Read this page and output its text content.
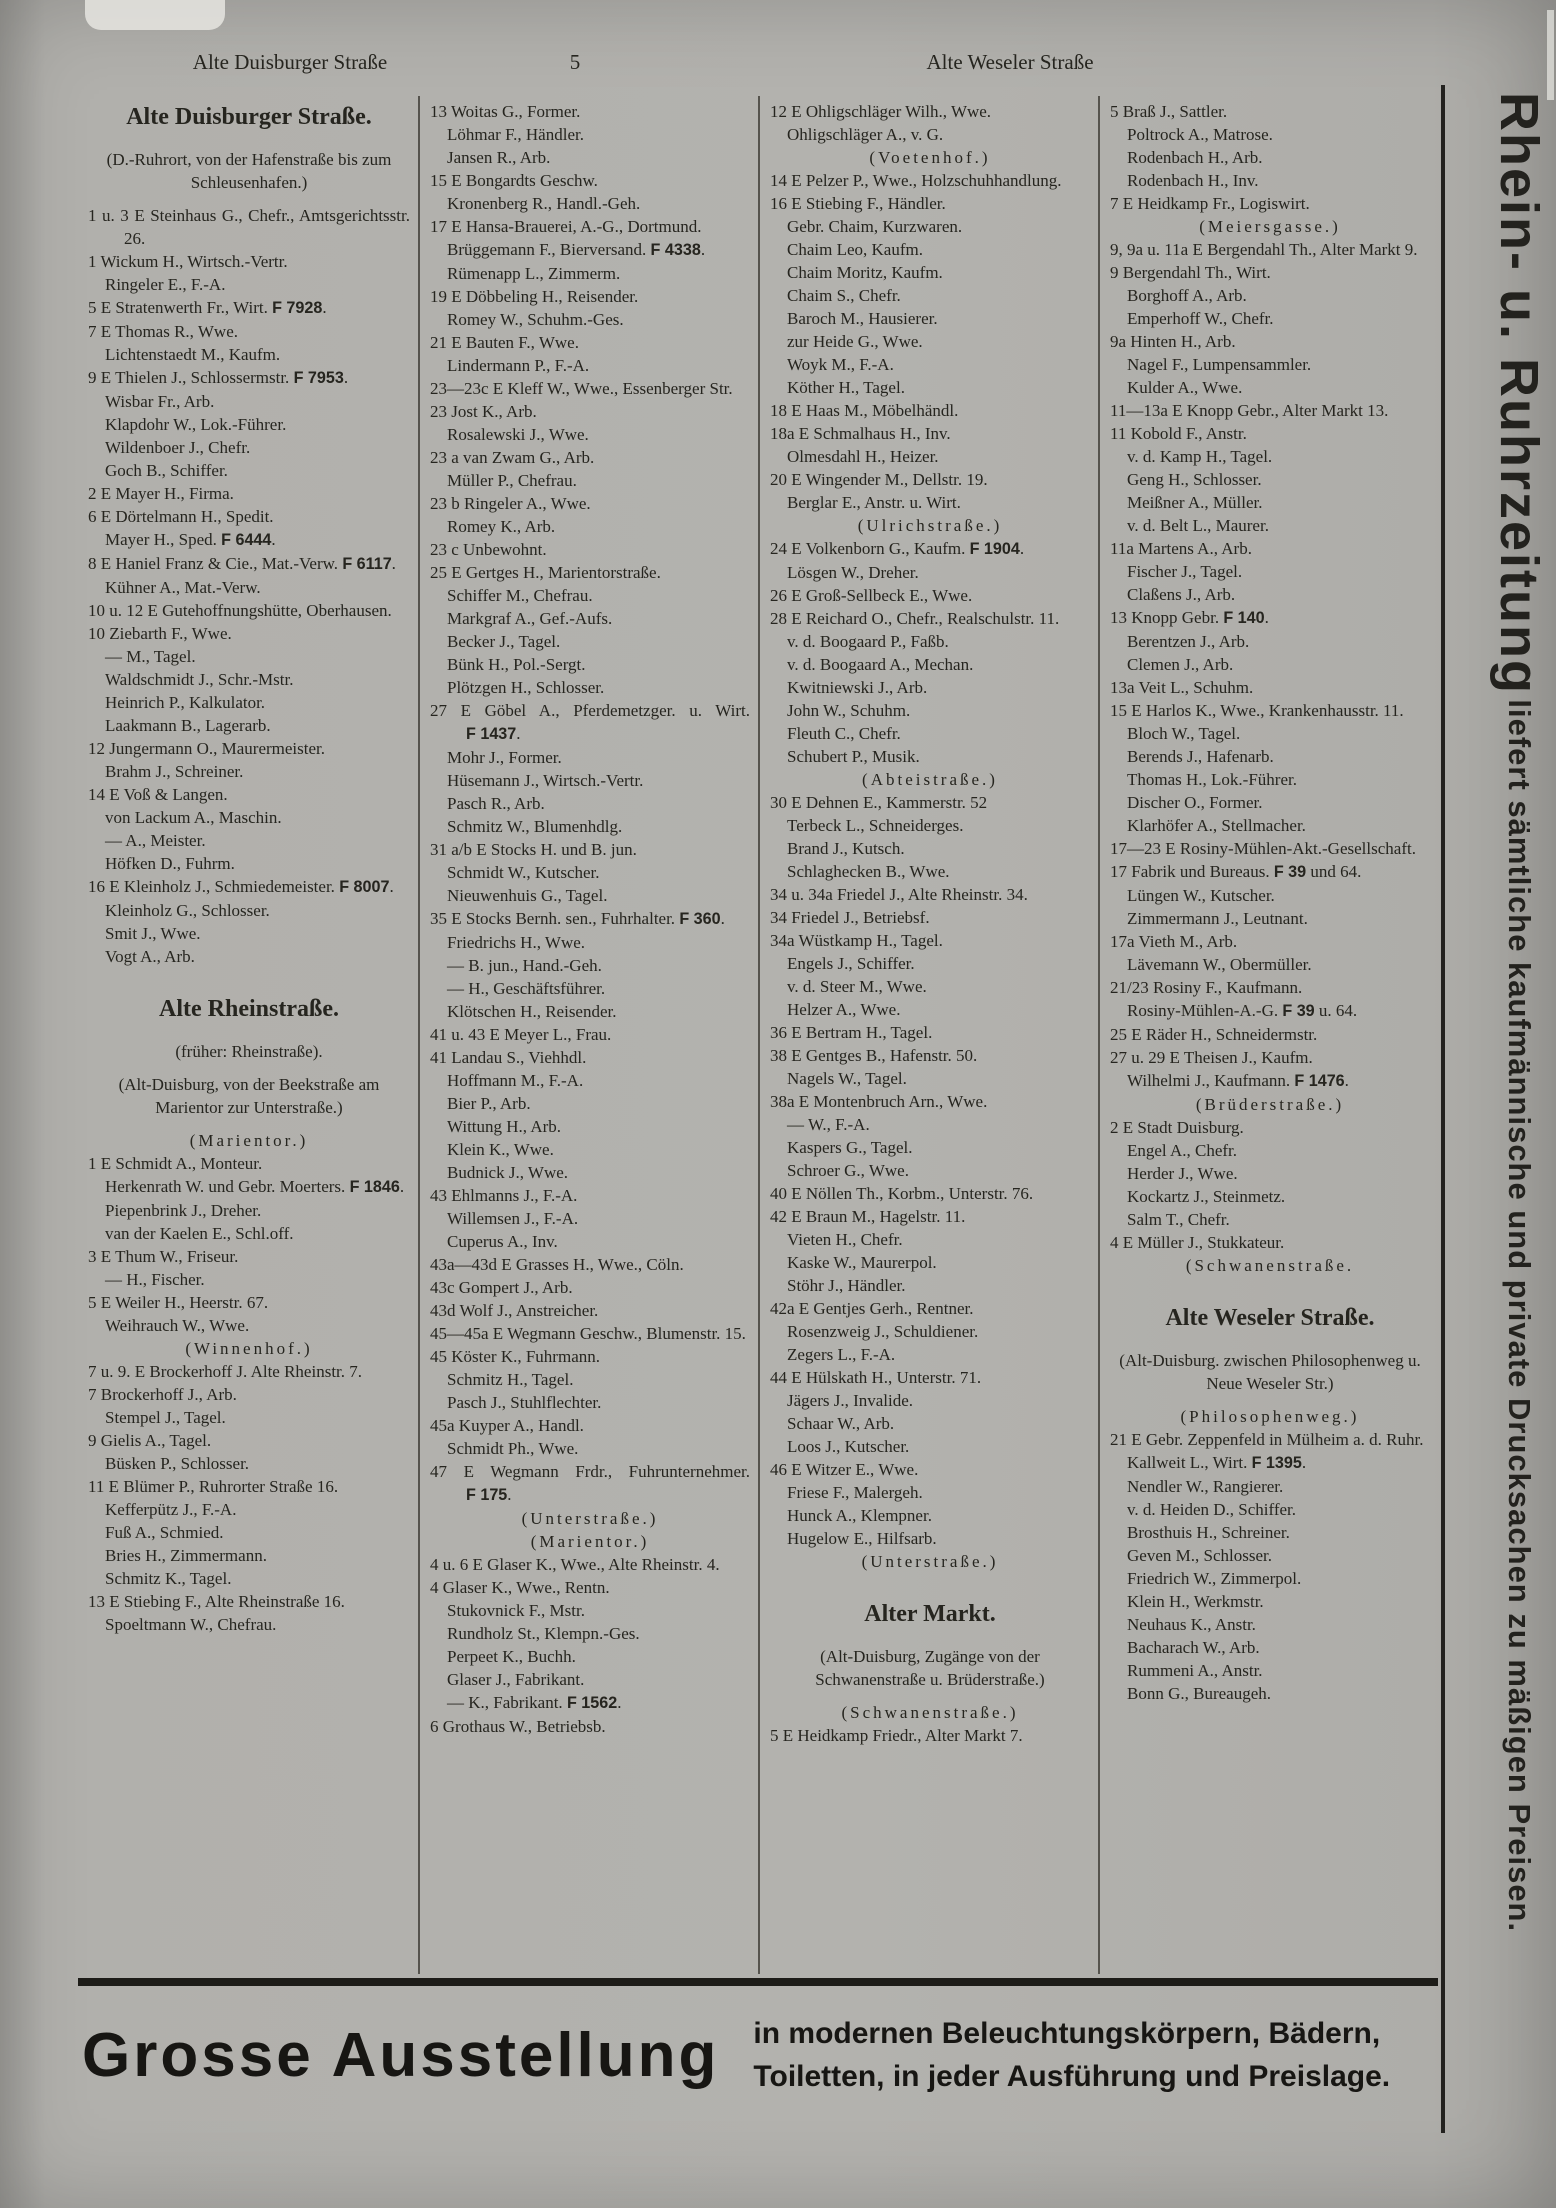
Alte Duisburger Straße	5	Alte Weseler Straße
Alte Duisburger Straße.
(D.-Ruhrort, von der Hafenstraße bis zum Schleusenhafen.)
1 u. 3 E Steinhaus G., Chefr., Amtsgerichtsstr. 26.
1 Wickum H., Wirtsch.-Vertr.
Ringeler E., F.-A.
5 E Stratenwerth Fr., Wirt. F 7928.
7 E Thomas R., Wwe.
Lichtenstaedt M., Kaufm.
9 E Thielen J., Schlossermstr. F 7953.
Wisbar Fr., Arb.
Klapdohr W., Lok.-Führer.
Wildenboer J., Chefr.
Goch B., Schiffer.
2 E Mayer H., Firma.
6 E Dörtelmann H., Spedit.
Mayer H., Sped. F 6444.
8 E Haniel Franz & Cie., Mat.-Verw. F 6117.
Kühner A., Mat.-Verw.
10 u. 12 E Gutehoffnungshütte, Oberhausen.
10 Ziebarth F., Wwe.
— M., Tagel.
Waldschmidt J., Schr.-Mstr.
Heinrich P., Kalkulator.
Laakmann B., Lagerarb.
12 Jungermann O., Maurermeister.
Brahm J., Schreiner.
14 E Voß & Langen.
von Lackum A., Maschin.
— A., Meister.
Höfken D., Fuhrm.
16 E Kleinholz J., Schmiedemeister. F 8007.
Kleinholz G., Schlosser.
Smit J., Wwe.
Vogt A., Arb.
Alte Rheinstraße.
(früher: Rheinstraße).
(Alt-Duisburg, von der Beekstraße am Marientor zur Unterstraße.)
(Marientor.)
1 E Schmidt A., Monteur.
Herkenrath W. und Gebr. Moerters. F 1846.
Piepenbrink J., Dreher.
van der Kaelen E., Schl.off.
3 E Thum W., Friseur.
— H., Fischer.
5 E Weiler H., Heerstr. 67.
Weihrauch W., Wwe.
(Winnenhof.)
7 u. 9. E Brockerhoff J. Alte Rheinstr. 7.
7 Brockerhoff J., Arb.
Stempel J., Tagel.
9 Gielis A., Tagel.
Büsken P., Schlosser.
11 E Blümer P., Ruhrorter Straße 16.
Kefferpütz J., F.-A.
Fuß A., Schmied.
Bries H., Zimmermann.
Schmitz K., Tagel.
13 E Stiebing F., Alte Rheinstraße 16.
Spoeltmann W., Chefrau.
13 Woitas G., Former.
Löhmar F., Händler.
Jansen R., Arb.
15 E Bongardts Geschw.
Kronenberg R., Handl.-Geh.
17 E Hansa-Brauerei, A.-G., Dortmund.
Brüggemann F., Bierversand. F 4338.
Rümenapp L., Zimmerm.
19 E Döbbeling H., Reisender.
Romey W., Schuhm.-Ges.
21 E Bauten F., Wwe.
Lindermann P., F.-A.
23—23c E Kleff W., Wwe., Essenberger Str.
23 Jost K., Arb.
Rosalewski J., Wwe.
23 a van Zwam G., Arb.
Müller P., Chefrau.
23 b Ringeler A., Wwe.
Romey K., Arb.
23 c Unbewohnt.
25 E Gertges H., Marientorstraße.
Schiffer M., Chefrau.
Markgraf A., Gef.-Aufs.
Becker J., Tagel.
Bünk H., Pol.-Sergt.
Plötzgen H., Schlosser.
27 E Göbel A., Pferdemetzger. u. Wirt. F 1437.
Mohr J., Former.
Hüsemann J., Wirtsch.-Vertr.
Pasch R., Arb.
Schmitz W., Blumenhdlg.
31 a/b E Stocks H. und B. jun.
Schmidt W., Kutscher.
Nieuwenhuis G., Tagel.
35 E Stocks Bernh. sen., Fuhrhalter. F 360.
Friedrichs H., Wwe.
— B. jun., Hand.-Geh.
— H., Geschäftsführer.
Klötschen H., Reisender.
41 u. 43 E Meyer L., Frau.
41 Landau S., Viehhdl.
Hoffmann M., F.-A.
Bier P., Arb.
Wittung H., Arb.
Klein K., Wwe.
Budnick J., Wwe.
43 Ehlmanns J., F.-A.
Willemsen J., F.-A.
Cuperus A., Inv.
43a—43d E Grasses H., Wwe., Cöln.
43c Gompert J., Arb.
43d Wolf J., Anstreicher.
45—45a E Wegmann Geschw., Blumenstr. 15.
45 Köster K., Fuhrmann.
Schmitz H., Tagel.
Pasch J., Stuhlflechter.
45a Kuyper A., Handl.
Schmidt Ph., Wwe.
47 E Wegmann Frdr., Fuhrunternehmer. F 175.
(Unterstraße.)
(Marientor.)
4 u. 6 E Glaser K., Wwe., Alte Rheinstr. 4.
4 Glaser K., Wwe., Rentn.
Stukovnick F., Mstr.
Rundholz St., Klempn.-Ges.
Perpeet K., Buchh.
Glaser J., Fabrikant.
— K., Fabrikant. F 1562.
6 Grothaus W., Betriebsb.
12 E Ohligschläger Wilh., Wwe.
Ohligschläger A., v. G.
(Voetenhof.)
14 E Pelzer P., Wwe., Holzschuhhandlung.
16 E Stiebing F., Händler.
Gebr. Chaim, Kurzwaren.
Chaim Leo, Kaufm.
Chaim Moritz, Kaufm.
Chaim S., Chefr.
Baroch M., Hausierer.
zur Heide G., Wwe.
Woyk M., F.-A.
Köther H., Tagel.
18 E Haas M., Möbelhändl.
18a E Schmalhaus H., Inv.
Olmesdahl H., Heizer.
20 E Wingender M., Dellstr. 19.
Berglar E., Anstr. u. Wirt.
(Ulrichstraße.)
24 E Volkenborn G., Kaufm. F 1904.
Lösgen W., Dreher.
26 E Groß-Sellbeck E., Wwe.
28 E Reichard O., Chefr., Realschulstr. 11.
v. d. Boogaard P., Faßb.
v. d. Boogaard A., Mechan.
Kwitniewski J., Arb.
John W., Schuhm.
Fleuth C., Chefr.
Schubert P., Musik.
(Abteistraße.)
30 E Dehnen E., Kammerstr. 52
Terbeck L., Schneiderges.
Brand J., Kutsch.
Schlaghecken B., Wwe.
34 u. 34a Friedel J., Alte Rheinstr. 34.
34 Friedel J., Betriebsf.
34a Wüstkamp H., Tagel.
Engels J., Schiffer.
v. d. Steer M., Wwe.
Helzer A., Wwe.
36 E Bertram H., Tagel.
38 E Gentges B., Hafenstr. 50.
Nagels W., Tagel.
38a E Montenbruch Arn., Wwe.
— W., F.-A.
Kaspers G., Tagel.
Schroer G., Wwe.
40 E Nöllen Th., Korbm., Unterstr. 76.
42 E Braun M., Hagelstr. 11.
Vieten H., Chefr.
Kaske W., Maurerpol.
Stöhr J., Händler.
42a E Gentjes Gerh., Rentner.
Rosenzweig J., Schuldiener.
Zegers L., F.-A.
44 E Hülskath H., Unterstr. 71.
Jägers J., Invalide.
Schaar W., Arb.
Loos J., Kutscher.
46 E Witzer E., Wwe.
Friese F., Malergeh.
Hunck A., Klempner.
Hugelow E., Hilfsarb.
(Unterstraße.)
Alter Markt.
(Alt-Duisburg, Zugänge von der Schwanenstraße u. Brüderstraße.)
(Schwanenstraße.)
5 E Heidkamp Friedr., Alter Markt 7.
5 Braß J., Sattler.
Poltrock A., Matrose.
Rodenbach H., Arb.
Rodenbach H., Inv.
7 E Heidkamp Fr., Logiswirt.
(Meiersgasse.)
9, 9a u. 11a E Bergendahl Th., Alter Markt 9.
9 Bergendahl Th., Wirt.
Borghoff A., Arb.
Emperhoff W., Chefr.
9a Hinten H., Arb.
Nagel F., Lumpensammler.
Kulder A., Wwe.
11—13a E Knopp Gebr., Alter Markt 13.
11 Kobold F., Anstr.
v. d. Kamp H., Tagel.
Geng H., Schlosser.
Meißner A., Müller.
v. d. Belt L., Maurer.
11a Martens A., Arb.
Fischer J., Tagel.
Claßens J., Arb.
13 Knopp Gebr. F 140.
Berentzen J., Arb.
Clemen J., Arb.
13a Veit L., Schuhm.
15 E Harlos K., Wwe., Krankenhausstr. 11.
Bloch W., Tagel.
Berends J., Hafenarb.
Thomas H., Lok.-Führer.
Discher O., Former.
Klarhöfer A., Stellmacher.
17—23 E Rosiny-Mühlen-Akt.-Gesellschaft.
17 Fabrik und Bureaus. F 39 und 64.
Lüngen W., Kutscher.
Zimmermann J., Leutnant.
17a Vieth M., Arb.
Lävemann W., Obermüller.
21/23 Rosiny F., Kaufmann.
Rosiny-Mühlen-A.-G. F 39 u. 64.
25 E Räder H., Schneidermstr.
27 u. 29 E Theisen J., Kaufm.
Wilhelmi J., Kaufmann. F 1476.
(Brüderstraße.)
2 E Stadt Duisburg.
Engel A., Chefr.
Herder J., Wwe.
Kockartz J., Steinmetz.
Salm T., Chefr.
4 E Müller J., Stukkateur.
(Schwanenstraße.
Alte Weseler Straße.
(Alt-Duisburg. zwischen Philosophenweg u. Neue Weseler Str.)
(Philosophenweg.)
21 E Gebr. Zeppenfeld in Mülheim a. d. Ruhr.
Kallweit L., Wirt. F 1395.
Nendler W., Rangierer.
v. d. Heiden D., Schiffer.
Brosthuis H., Schreiner.
Geven M., Schlosser.
Friedrich W., Zimmerpol.
Klein H., Werkmstr.
Neuhaus K., Anstr.
Bacharach W., Arb.
Rummeni A., Anstr.
Bonn G., Bureaugeh.
Rhein- u. Ruhrzeitung liefert sämtliche kaufmännische und private Drucksachen zu mäßigen Preisen.
Grosse Ausstellung in modernen Beleuchtungskörpern, Bädern,
Toiletten, in jeder Ausführung und Preislage.
